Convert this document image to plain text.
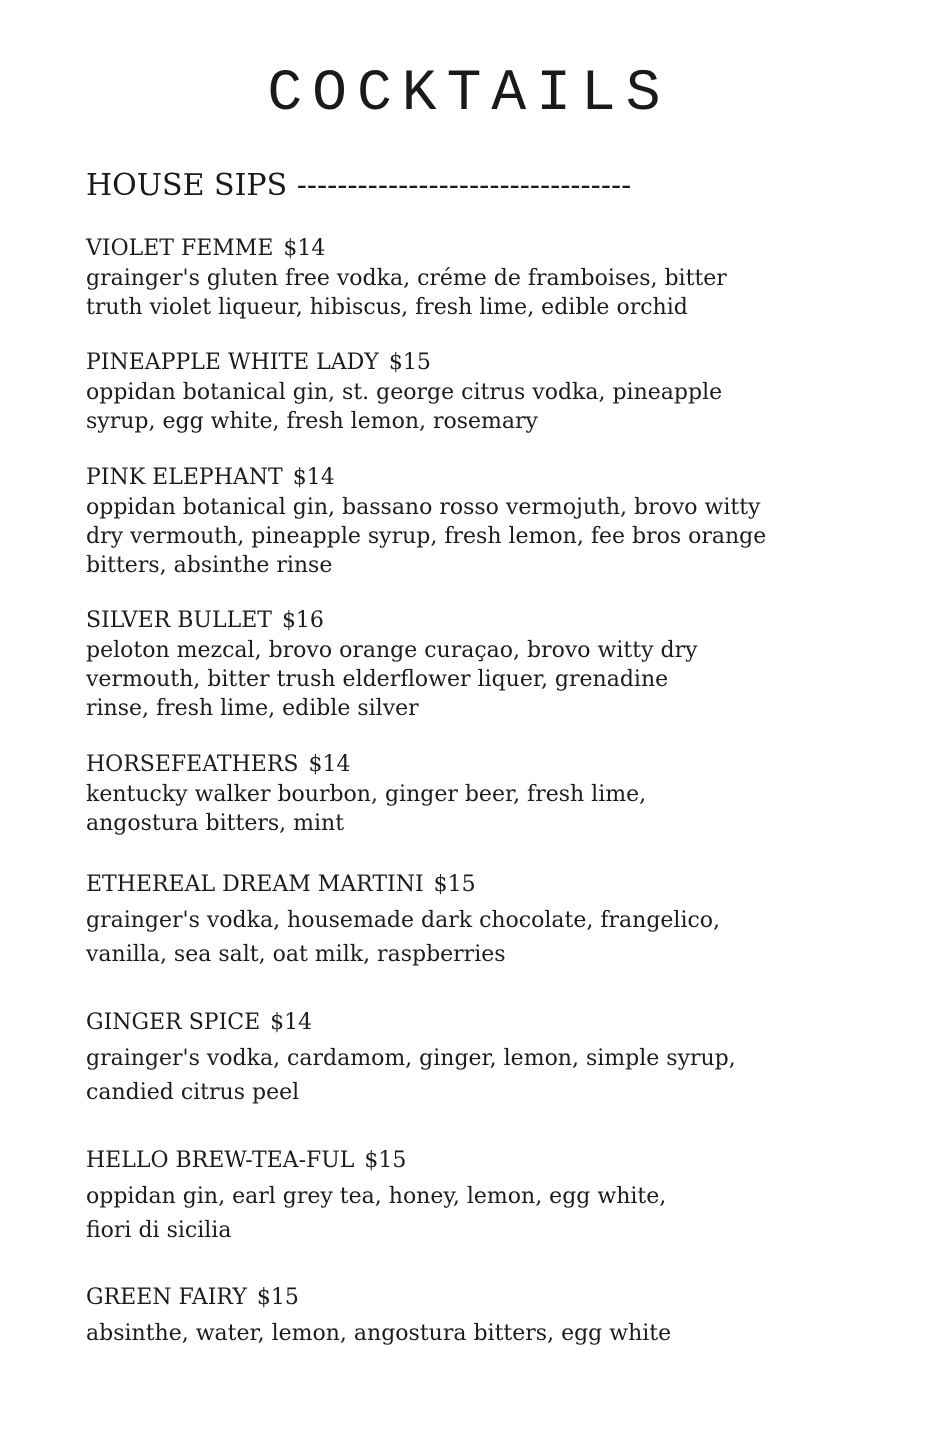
COCKTAILS
HOUSE SIPS ---------------------------------
VIOLET FEMME $14
grainger's gluten free vodka, créme de framboises, bitter
truth violet liqueur, hibiscus, fresh lime, edible orchid
PINEAPPLE WHITE LADY $15
oppidan botanical gin, st. george citrus vodka, pineapple
syrup, egg white, fresh lemon, rosemary
PINK ELEPHANT $14
oppidan botanical gin, bassano rosso vermojuth, brovo witty
dry vermouth, pineapple syrup, fresh lemon, fee bros orange
bitters, absinthe rinse
SILVER BULLET $16
peloton mezcal, brovo orange curaçao, brovo witty dry
vermouth, bitter trush elderflower liquer, grenadine
rinse, fresh lime, edible silver
HORSEFEATHERS $14
kentucky walker bourbon, ginger beer, fresh lime,
angostura bitters, mint
ETHEREAL DREAM MARTINI $15
grainger's vodka, housemade dark chocolate, frangelico,
vanilla, sea salt, oat milk, raspberries
GINGER SPICE $14
grainger's vodka, cardamom, ginger, lemon, simple syrup,
candied citrus peel
HELLO BREW-TEA-FUL $15
oppidan gin, earl grey tea, honey, lemon, egg white,
fiori di sicilia
GREEN FAIRY $15
absinthe, water, lemon, angostura bitters, egg white
